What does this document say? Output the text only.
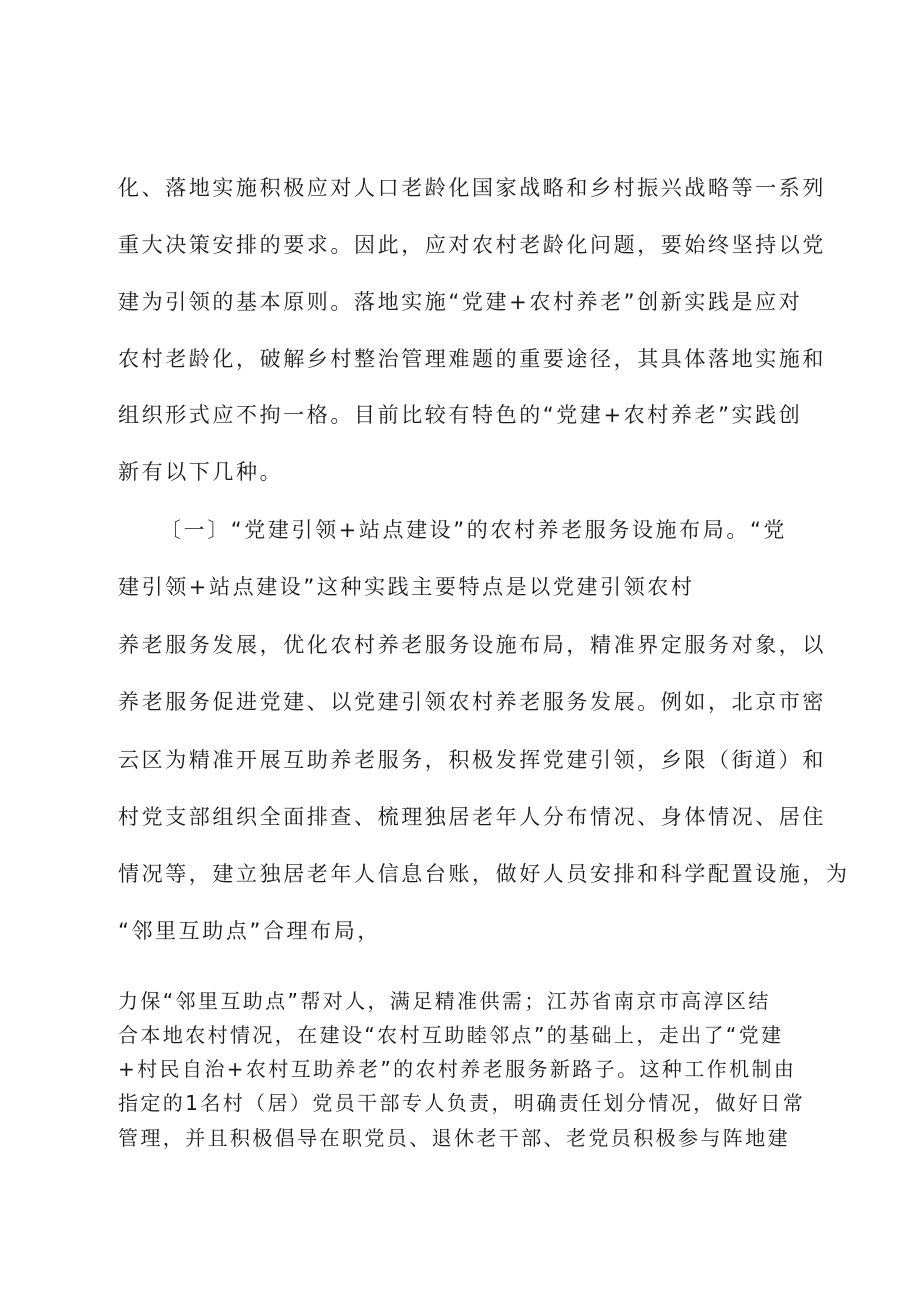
化、落地实施积极应对人口老龄化国家战略和乡村振兴战略等一系列

重大决策安排的要求。因此，应对农村老龄化问题，要始终坚持以党

建为引领的基本原则。落地实施“党建+农村养老”创新实践是应对

农村老龄化，破解乡村整治管理难题的重要途径，其具体落地实施和

组织形式应不拘一格。目前比较有特色的“党建+农村养老”实践创

新有以下几种。

〔一〕“党建引领+站点建设”的农村养老服务设施布局。“党

建引领+站点建设”这种实践主要特点是以党建引领农村

养老服务发展，优化农村养老服务设施布局，精准界定服务对象，以

养老服务促进党建、以党建引领农村养老服务发展。例如，北京市密

云区为精准开展互助养老服务，积极发挥党建引领，乡限（街道）和

村党支部组织全面排查、梳理独居老年人分布情况、身体情况、居住

情况等，建立独居老年人信息台账，做好人员安排和科学配置设施，为

“邻里互助点”合理布局，

力保“邻里互助点”帮对人，满足精准供需；江苏省南京市高淳区结

合本地农村情况，在建设“农村互助睦邻点”的基础上，走出了“党建

+村民自治+农村互助养老”的农村养老服务新路子。这种工作机制由

指定的1名村（居）党员干部专人负责，明确责任划分情况，做好日常

管理，并且积极倡导在职党员、退休老干部、老党员积极参与阵地建
